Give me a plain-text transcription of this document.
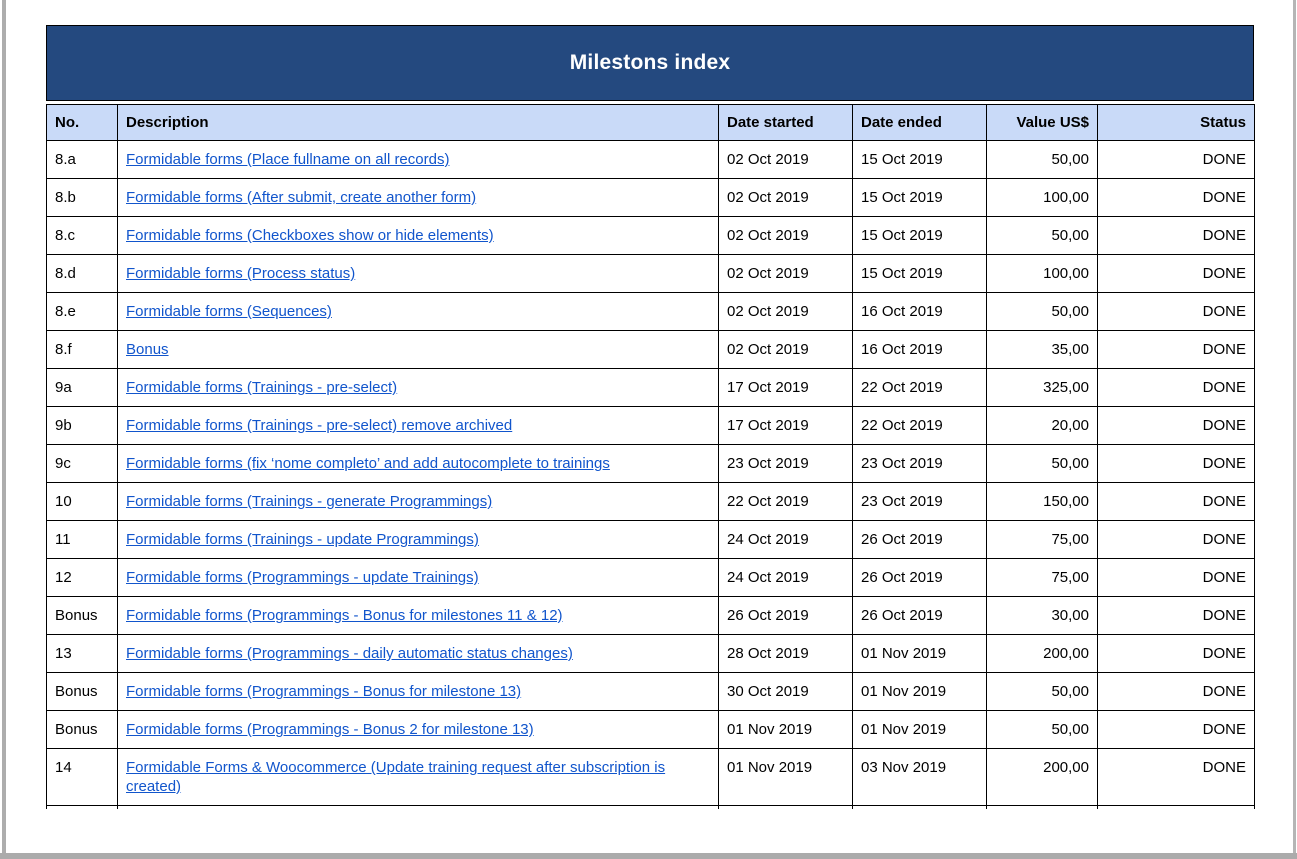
Milestons index
No.	Description	Date started	Date ended	Value US$	Status
8.a	Formidable forms (Place fullname on all records)	02 Oct 2019	15 Oct 2019	50,00	DONE
8.b	Formidable forms (After submit, create another form)	02 Oct 2019	15 Oct 2019	100,00	DONE
8.c	Formidable forms (Checkboxes show or hide elements)	02 Oct 2019	15 Oct 2019	50,00	DONE
8.d	Formidable forms (Process status)	02 Oct 2019	15 Oct 2019	100,00	DONE
8.e	Formidable forms (Sequences)	02 Oct 2019	16 Oct 2019	50,00	DONE
8.f	Bonus	02 Oct 2019	16 Oct 2019	35,00	DONE
9a	Formidable forms (Trainings - pre-select)	17 Oct 2019	22 Oct 2019	325,00	DONE
9b	Formidable forms (Trainings - pre-select) remove archived	17 Oct 2019	22 Oct 2019	20,00	DONE
9c	Formidable forms (fix ‘nome completo’ and add autocomplete to trainings	23 Oct 2019	23 Oct 2019	50,00	DONE
10	Formidable forms (Trainings - generate Programmings)	22 Oct 2019	23 Oct 2019	150,00	DONE
11	Formidable forms (Trainings - update Programmings)	24 Oct 2019	26 Oct 2019	75,00	DONE
12	Formidable forms (Programmings - update Trainings)	24 Oct 2019	26 Oct 2019	75,00	DONE
Bonus	Formidable forms (Programmings - Bonus for milestones 11 & 12)	26 Oct 2019	26 Oct 2019	30,00	DONE
13	Formidable forms (Programmings - daily automatic status changes)	28 Oct 2019	01 Nov 2019	200,00	DONE
Bonus	Formidable forms (Programmings - Bonus for milestone 13)	30 Oct 2019	01 Nov 2019	50,00	DONE
Bonus	Formidable forms (Programmings - Bonus 2 for milestone 13)	01 Nov 2019	01 Nov 2019	50,00	DONE
14	Formidable Forms & Woocommerce (Update training request after subscription is created)	01 Nov 2019	03 Nov 2019	200,00	DONE
